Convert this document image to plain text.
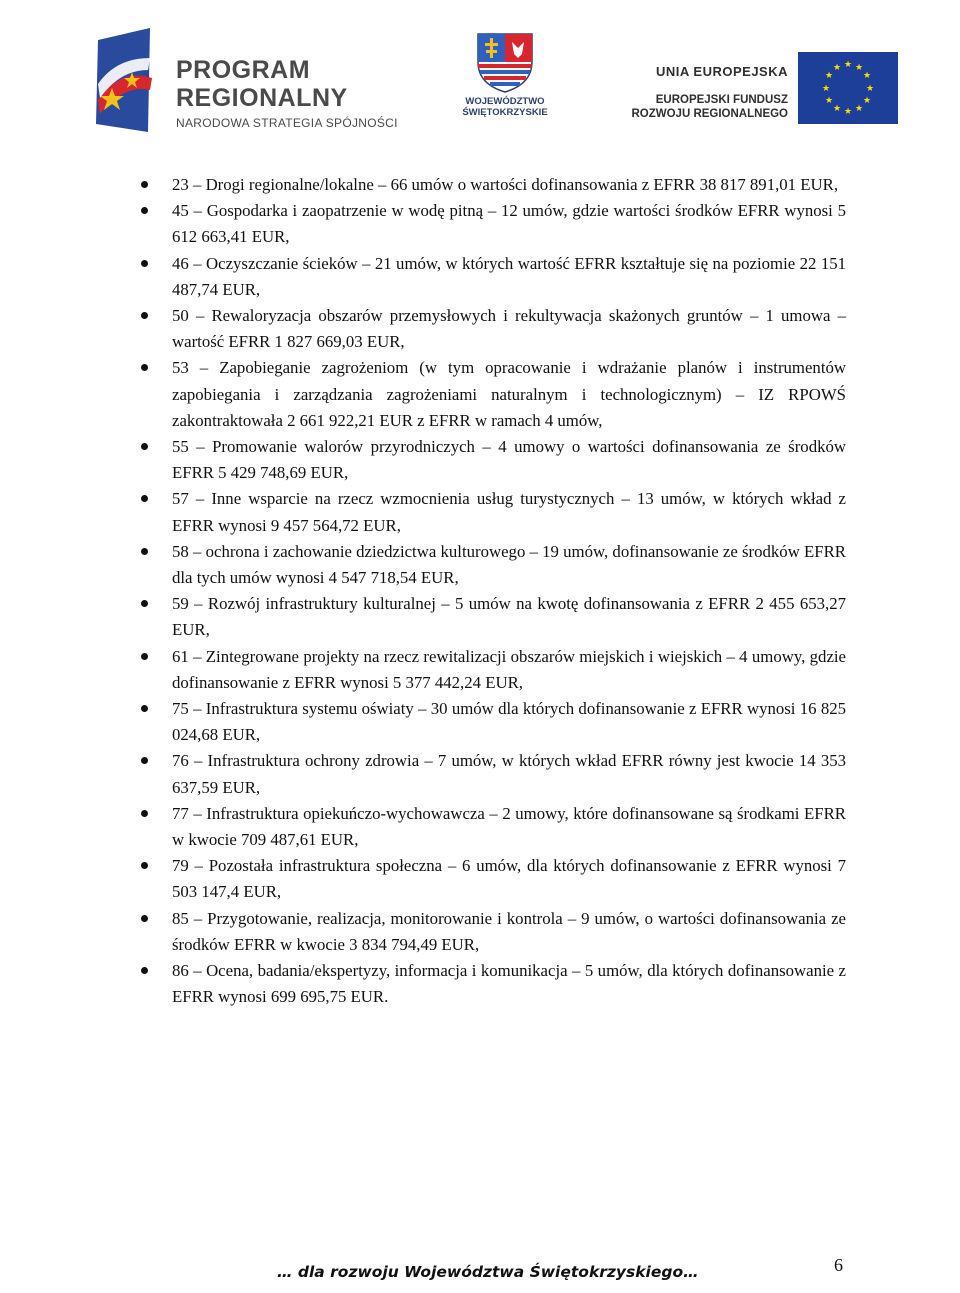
PROGRAM
REGIONALNY
NARODOWA STRATEGIA SPÓJNOŚCI
WOJEWÓDZTWO
ŚWIĘTOKRZYSKIE
UNIA EUROPEJSKA
EUROPEJSKI FUNDUSZ
ROZWOJU REGIONALNEGO
★ ★
★
★
★
★
★
★
★
★
★
★
23 – Drogi regionalne/lokalne – 66 umów o wartości dofinansowania z EFRR 38 817 891,01 EUR,
45 – Gospodarka i zaopatrzenie w wodę pitną – 12 umów, gdzie wartości środków EFRR wynosi 5 612 663,41 EUR,
46 – Oczyszczanie ścieków – 21 umów, w których wartość EFRR kształtuje się na poziomie 22 151 487,74 EUR,
50 – Rewaloryzacja obszarów przemysłowych i rekultywacja skażonych gruntów – 1 umowa – wartość EFRR 1 827 669,03 EUR,
53 – Zapobieganie zagrożeniom (w tym opracowanie i wdrażanie planów i instrumentów zapobiegania i zarządzania zagrożeniami naturalnym i technologicznym) – IZ RPOWŚ zakontraktowała 2 661 922,21 EUR z EFRR w ramach 4 umów,
55 – Promowanie walorów przyrodniczych – 4 umowy o wartości dofinansowania ze środków EFRR 5 429 748,69 EUR,
57 – Inne wsparcie na rzecz wzmocnienia usług turystycznych – 13 umów, w których wkład z EFRR wynosi 9 457 564,72 EUR,
58 – ochrona i zachowanie dziedzictwa kulturowego – 19 umów, dofinansowanie ze środków EFRR dla tych umów wynosi 4 547 718,54 EUR,
59 – Rozwój infrastruktury kulturalnej – 5 umów na kwotę dofinansowania z EFRR 2 455 653,27 EUR,
61 – Zintegrowane projekty na rzecz rewitalizacji obszarów miejskich i wiejskich – 4 umowy, gdzie dofinansowanie z EFRR wynosi 5 377 442,24 EUR,
75 – Infrastruktura systemu oświaty – 30 umów dla których dofinansowanie z EFRR wynosi 16 825 024,68 EUR,
76 – Infrastruktura ochrony zdrowia – 7 umów, w których wkład EFRR równy jest kwocie 14 353 637,59 EUR,
77 – Infrastruktura opiekuńczo-wychowawcza – 2 umowy, które dofinansowane są środkami EFRR w kwocie 709 487,61 EUR,
79 – Pozostała infrastruktura społeczna – 6 umów, dla których dofinansowanie z EFRR wynosi 7 503 147,4 EUR,
85 – Przygotowanie, realizacja, monitorowanie i kontrola – 9 umów, o wartości dofinansowania ze środków EFRR w kwocie 3 834 794,49 EUR,
86 – Ocena, badania/ekspertyzy, informacja i komunikacja – 5 umów, dla których dofinansowanie z EFRR wynosi 699 695,75 EUR.
… dla rozwoju Województwa Świętokrzyskiego…	6
